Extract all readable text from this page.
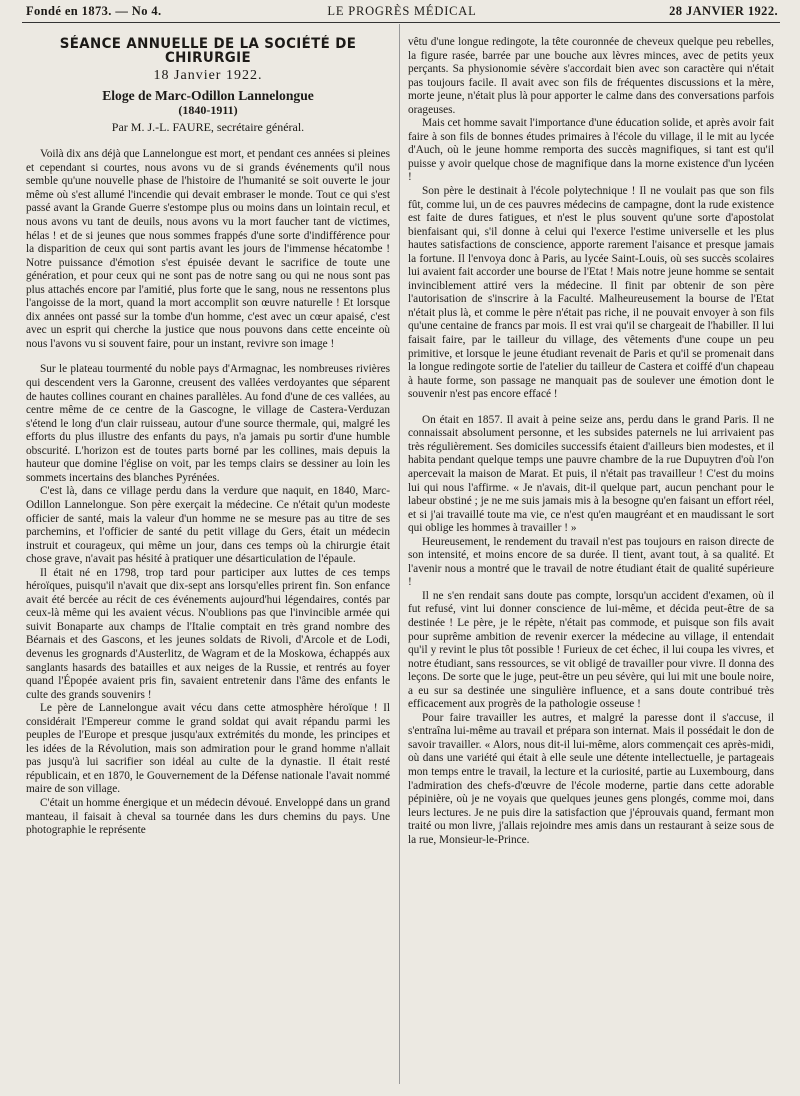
Fondé en 1873. — No 4.	LE PROGRÈS MÉDICAL	28 JANVIER 1922.
SÉANCE ANNUELLE DE LA SOCIÉTÉ DE CHIRURGIE
18 Janvier 1922.
Eloge de Marc-Odillon Lannelongue
(1840-1911)
Par M. J.-L. FAURE, secrétaire général.

Voilà dix ans déjà que Lannelongue est mort, et pendant ces années si pleines et cependant si courtes, nous avons vu de si grands événements qu'il nous semble qu'une nouvelle phase de l'histoire de l'humanité se soit ouverte le jour même où s'est allumé l'incendie qui devait embraser le monde. Tout ce qui s'est passé avant la Grande Guerre s'estompe plus ou moins dans un lointain recul, et nous avons vu tant de deuils, nous avons vu la mort faucher tant de victimes, hélas ! et de si jeunes que nous sommes frappés d'une sorte d'indifférence pour la disparition de ceux qui sont partis avant les jours de l'immense hécatombe ! Notre puissance d'émotion s'est épuisée devant le sacrifice de toute une génération, et pour ceux qui ne sont pas de notre sang ou qui ne nous sont pas plus attachés encore par l'amitié, plus forte que le sang, nous ne ressentons plus l'angoisse de la mort, quand la mort accomplit son œuvre naturelle ! Et lorsque dix années ont passé sur la tombe d'un homme, c'est avec un cœur apaisé, c'est avec un esprit qui cherche la justice que nous pouvons dans cette enceinte où nous l'avons vu si souvent faire, pour un instant, revivre son image !

Sur le plateau tourmenté du noble pays d'Armagnac, les nombreuses rivières qui descendent vers la Garonne, creusent des vallées verdoyantes que séparent de hautes collines courant en chaines parallèles. Au fond d'une de ces vallées, au centre même de ce centre de la Gascogne, le village de Castera-Verduzan s'étend le long d'un clair ruisseau, autour d'une source thermale, qui, malgré les efforts du plus illustre des enfants du pays, n'a jamais pu sortir d'une humble obscurité. L'horizon est de toutes parts borné par les collines, mais depuis la hauteur que domine l'église on voit, par les temps clairs se dessiner au loin les sommets incertains des blanches Pyrénées.

C'est là, dans ce village perdu dans la verdure que naquit, en 1840, Marc-Odillon Lannelongue. Son père exerçait la médecine. Ce n'était qu'un modeste officier de santé, mais la valeur d'un homme ne se mesure pas au titre de ses parchemins, et l'officier de santé du petit village du Gers, était un médecin instruit et courageux, qui même un jour, dans ces temps où la chirurgie était chose grave, n'avait pas hésité à pratiquer une désarticulation de l'épaule.

Il était né en 1798, trop tard pour participer aux luttes de ces temps héroïques, puisqu'il n'avait que dix-sept ans lorsqu'elles prirent fin. Son enfance avait été bercée au récit de ces événements aujourd'hui légendaires, contés par ceux-là même qui les avaient vécus. N'oublions pas que l'invincible armée qui suivit Bonaparte aux champs de l'Italie comptait en très grand nombre des Béarnais et des Gascons, et les jeunes soldats de Rivoli, d'Arcole et de Lodi, devenus les grognards d'Austerlitz, de Wagram et de la Moskowa, échappés aux sanglants hasards des batailles et aux neiges de la Russie, et rentrés au foyer quand l'Épopée avaient pris fin, savaient entretenir dans l'âme des enfants le culte des grands souvenirs !

Le père de Lannelongue avait vécu dans cette atmosphère héroïque ! Il considérait l'Empereur comme le grand soldat qui avait répandu parmi les peuples de l'Europe et presque jusqu'aux extrémités du monde, les principes et les idées de la Révolution, mais son admiration pour le grand homme n'allait pas jusqu'à lui sacrifier son idéal au culte de la dynastie. Il était resté républicain, et en 1870, le Gouvernement de la Défense nationale l'avait nommé maire de son village.

C'était un homme énergique et un médecin dévoué. Enveloppé dans un grand manteau, il faisait à cheval sa tournée dans les durs chemins du pays. Une photographie le représente

vêtu d'une longue redingote, la tête couronnée de cheveux quelque peu rebelles, la figure rasée, barrée par une bouche aux lèvres minces, avec de petits yeux perçants. Sa physionomie sévère s'accordait bien avec son caractère qui n'était pas toujours facile. Il avait avec son fils de fréquentes discussions et la mère, morte jeune, n'était plus là pour apporter le calme dans des conversations parfois orageuses.

Mais cet homme savait l'importance d'une éducation solide, et après avoir fait faire à son fils de bonnes études primaires à l'école du village, il le mit au lycée d'Auch, où le jeune homme remporta des succès magnifiques, si tant est qu'il puisse y avoir quelque chose de magnifique dans la morne existence d'un lycéen !

Son père le destinait à l'école polytechnique ! Il ne voulait pas que son fils fût, comme lui, un de ces pauvres médecins de campagne, dont la rude existence est faite de dures fatigues, et n'est le plus souvent qu'une sorte d'apostolat bienfaisant qui, s'il donne à celui qui l'exerce l'estime universelle et les plus hautes satisfactions de conscience, apporte rarement l'aisance et presque jamais la fortune. Il l'envoya donc à Paris, au lycée Saint-Louis, où ses succès scolaires lui avaient fait accorder une bourse de l'Etat ! Mais notre jeune homme se sentait invinciblement attiré vers la médecine. Il finit par obtenir de son père l'autorisation de s'inscrire à la Faculté. Malheureusement la bourse de l'Etat n'était plus là, et comme le père n'était pas riche, il ne pouvait envoyer à son fils qu'une centaine de francs par mois. Il est vrai qu'il se chargeait de l'habiller. Il lui faisait faire, par le tailleur du village, des vêtements d'une coupe un peu primitive, et lorsque le jeune étudiant revenait de Paris et qu'il se promenait dans la longue redingote sortie de l'atelier du tailleur de Castera et coiffé d'un chapeau à haute forme, son passage ne manquait pas de soulever une émotion dont le souvenir n'est pas encore effacé !

On était en 1857. Il avait à peine seize ans, perdu dans le grand Paris. Il ne connaissait absolument personne, et les subsides paternels ne lui arrivaient pas très régulièrement. Ses domiciles successifs étaient d'ailleurs bien modestes, et il habita pendant quelque temps une pauvre chambre de la rue Dupuytren d'où l'on apercevait la maison de Marat. Et puis, il n'était pas travailleur ! C'est du moins lui qui nous l'affirme. « Je n'avais, dit-il quelque part, aucun penchant pour le labeur obstiné ; je ne me suis jamais mis à la besogne qu'en faisant un effort réel, et si j'ai travaillé toute ma vie, ce n'est qu'en maugréant et en maudissant le sort qui oblige les hommes à travailler ! »

Heureusement, le rendement du travail n'est pas toujours en raison directe de son intensité, et moins encore de sa durée. Il tient, avant tout, à sa qualité. Et l'avenir nous a montré que le travail de notre étudiant était de qualité supérieure !

Il ne s'en rendait sans doute pas compte, lorsqu'un accident d'examen, où il fut refusé, vint lui donner conscience de lui-même, et décida peut-être de sa destinée ! Le père, je le répète, n'était pas commode, et puisque son fils avait pour suprême ambition de revenir exercer la médecine au village, il entendait qu'il y revint le plus tôt possible ! Furieux de cet échec, il lui coupa les vivres, et notre étudiant, sans ressources, se vit obligé de travailler pour vivre. Il donna des leçons. De sorte que le juge, peut-être un peu sévère, qui lui mit une boule noire, a eu sur sa destinée une singulière influence, et a sans doute contribué très efficacement aux progrès de la pathologie osseuse !

Pour faire travailler les autres, et malgré la paresse dont il s'accuse, il s'entraîna lui-même au travail et prépara son internat. Mais il possédait le don de savoir travailler. « Alors, nous dit-il lui-même, alors commençait ces après-midi, où dans une variété qui était à elle seule une détente intellectuelle, je partageais mon temps entre le travail, la lecture et la curiosité, partie au Luxembourg, dans l'admiration des chefs-d'œuvre de l'école moderne, partie dans cette adorable pépinière, où je ne voyais que quelques jeunes gens plongés, comme moi, dans leurs lectures. Je ne puis dire la satisfaction que j'éprouvais quand, fermant mon traité ou mon livre, j'allais rejoindre mes amis dans un restaurant à seize sous de la rue, Monsieur-le-Prince.
